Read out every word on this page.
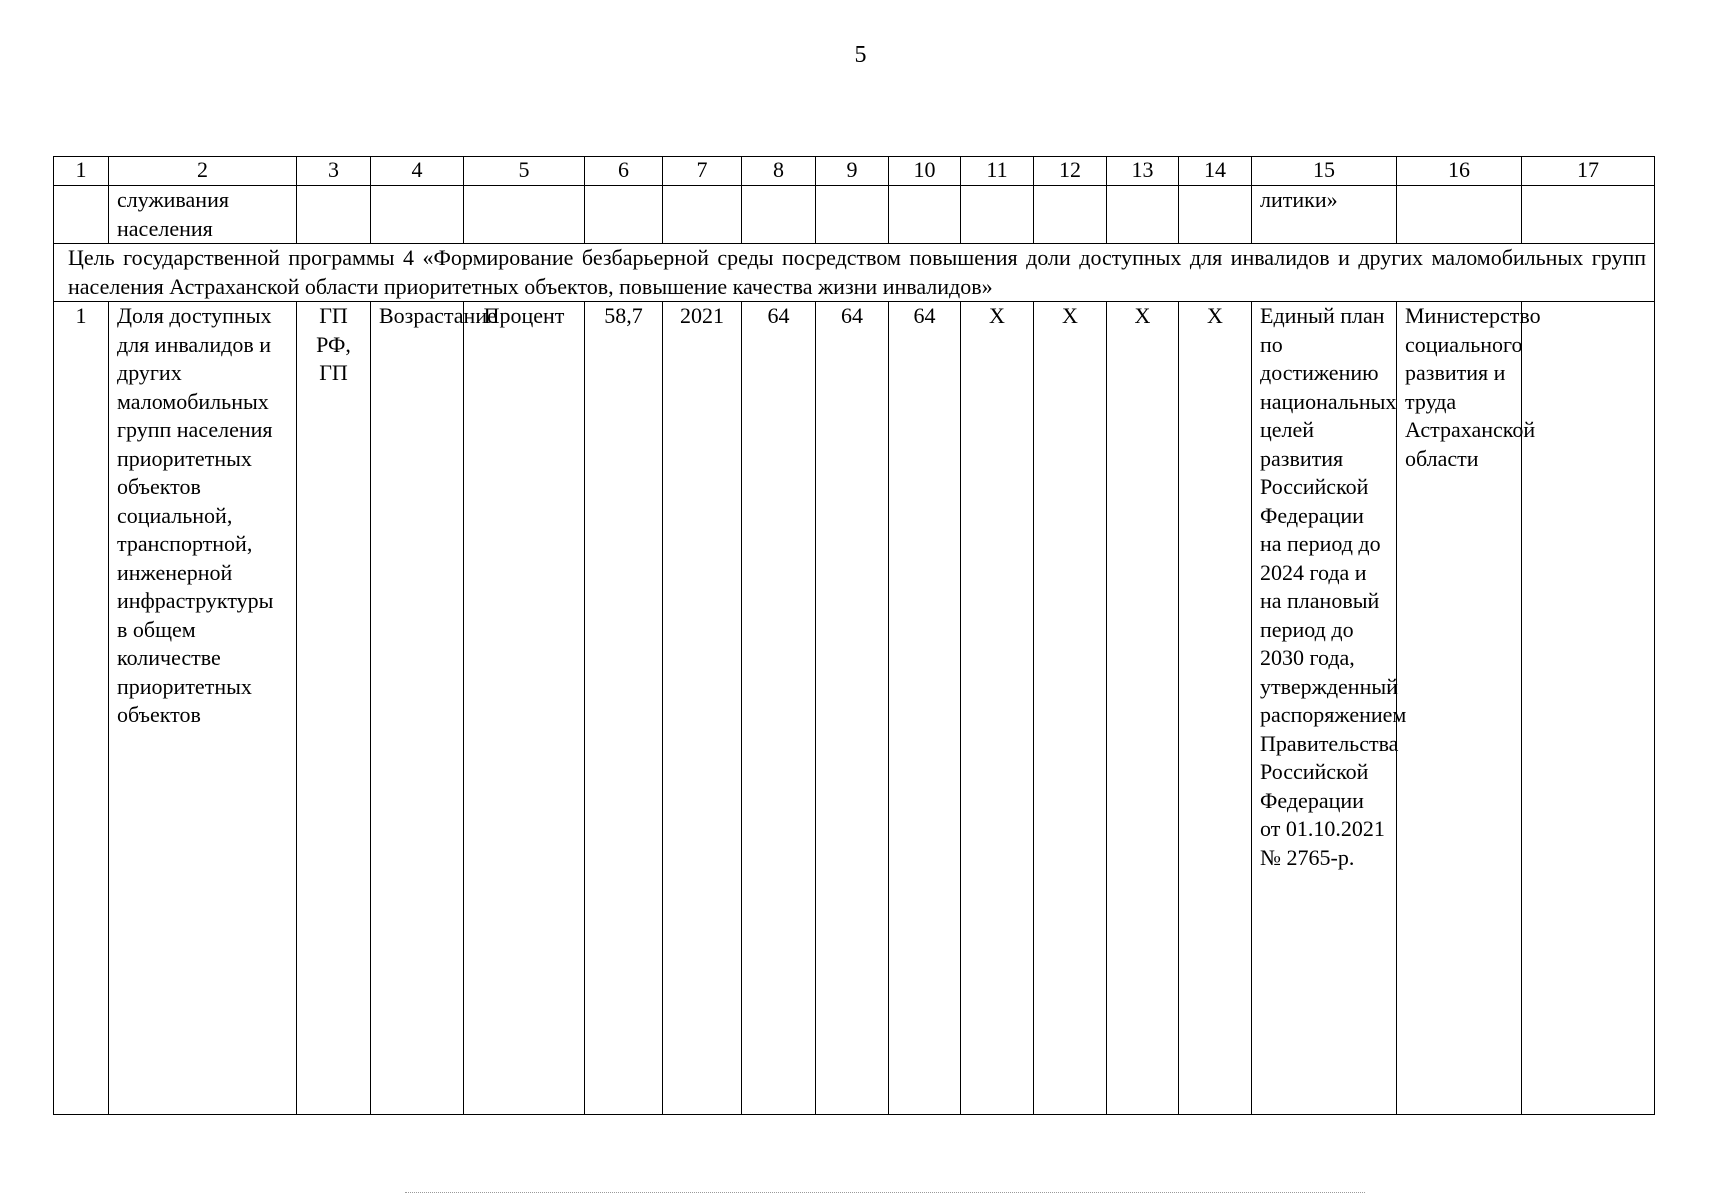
5
1	2	3	4	5	6	7	8	9	10	11	12	13	14	15	16	17
	служивания населения													литики»		
Цель государственной программы 4 «Формирование безбарьерной среды посредством повышения доли доступных для инвалидов и других маломобильных групп населения Астраханской области приоритетных объектов, повышение качества жизни инвалидов»																
1	Доля доступных для инвалидов и других маломобильных групп населения приоритетных объектов социальной, транспортной, инженерной инфраструктуры в общем количестве приоритетных объектов	ГП РФ, ГП	Возрастание	Процент	58,7	2021	64	64	64	X	X	X	X	Единый план по достижению национальных целей развития Российской Федерации на период до 2024 года и на плановый период до 2030 года, утвержденный распоряжением Правительства Российской Федерации от 01.10.2021 № 2765-р.	Министерство социального развития и труда Астраханской области	
